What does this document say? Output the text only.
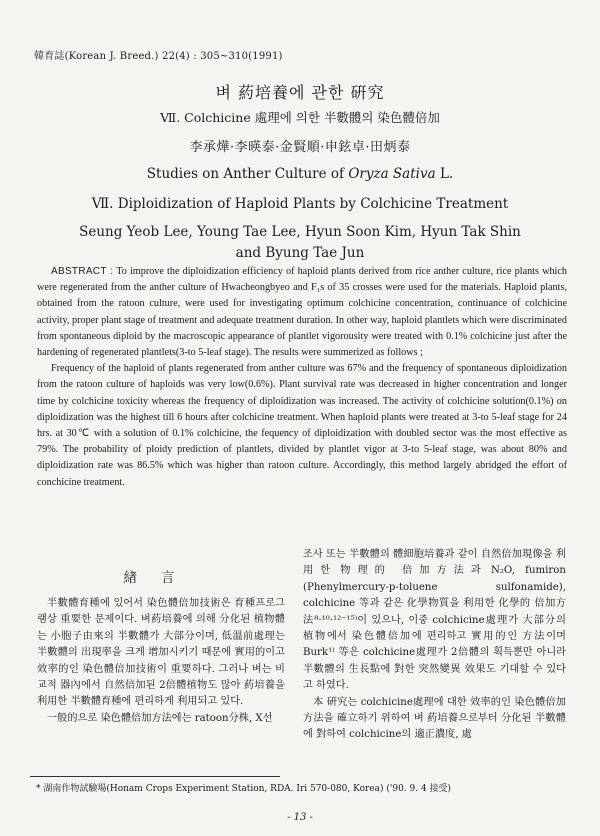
韓育誌(Korean J. Breed.) 22(4) : 305~310(1991)
벼 葯培養에 관한 硏究
Ⅶ. Colchicine 處理에 의한 半數體의 染色體倍加
李承燁·李暎泰·金賢順·申鉉卓·田炳泰
Studies on Anther Culture of Oryza Sativa L.
Ⅶ. Diploidization of Haploid Plants by Colchicine Treatment
Seung Yeob Lee, Young Tae Lee, Hyun Soon Kim, Hyun Tak Shin
and Byung Tae Jun

ABSTRACT : To improve the diploidization efficiency of haploid plants derived from rice anther culture, rice plants which were regenerated from the anther culture of Hwacheongbyeo and F₁s of 35 crosses were used for the materials. Haploid plants, obtained from the ratoon culture, were used for investigating optimum colchicine concentration, continuance of colchicine activity, proper plant stage of treatment and adequate treatment duration. In other way, haploid plantlets which were discriminated from spontaneous diploid by the macroscopic appearance of plantlet vigorousity were treated with 0.1% colchicine just after the hardening of regenerated plantlets(3-to 5-leaf stage). The results were summerized as follows ;

Frequency of the haploid of plants regenerated from anther culture was 67% and the frequency of spontaneous diploidization from the ratoon culture of haploids was very low(0.6%). Plant survival rate was decreased in higher concentration and longer time by colchicine toxicity whereas the frequency of diploidization was increased. The activity of colchicine solution(0.1%) on diploidization was the highest till 6 hours after colchicine treatment. When haploid plants were treated at 3-to 5-leaf stage for 24 hrs. at 30℃ with a solution of 0.1% colchicine, the fequency of diploidization with doubled sector was the most effective as 79%. The probability of ploidy prediction of plantlets, divided by plantlet vigor at 3-to 5-leaf stage, was about 80% and diploidization rate was 86.5% which was higher than ratoon culture. Accordingly, this method largely abridged the effort of conchicine treatment.

緖言

半數體育種에 있어서 染色體倍加技術은 育種프로그램상 重要한 문제이다. 벼葯培養에 의해 分化된 植物體는 小胞子由來의 半數體가 大部分이며, 低溫前處理는 半數體의 出現率을 크게 增加시키기 때문에 實用的이고 效率的인 染色體倍加技術이 重要하다. 그러나 벼는 비교적 器內에서 自然倍加된 2倍體植物도 많아 葯培養을 利用한 半數體育種에 편리하게 利用되고 있다.

一般的으로 染色體倍加方法에는 ratoon分株, X선

조사 또는 半數體의 體細胞培養과 같이 自然倍加現像을 利用한 物理的 倍加方法과 N₂O, fumiron (Phenylmercury-p-toluene sulfonamide), colchicine 等과 같은 化學物質을 利用한 化學的 倍加方法⁸·¹⁰·¹²⁻¹⁵⁾이 있으나, 이중 colchicine處理가 大部分의 植物에서 染色體倍加에 편리하고 實用的인 方法이며 Burk¹⁾ 等은 colchicine處理가 2倍體의 획득뿐만 아니라 半數體의 生長點에 對한 突然變異 效果도 기대할 수 있다고 하였다.

本 硏究는 colchicine處理에 대한 效率的인 染色體倍加方法을 確立하기 위하여 벼 葯培養으로부터 分化된 半數體에 對하여 colchicine의 適正濃度, 處

* 湖南作物試驗場(Honam Crops Experiment Station, RDA. Iri 570-080, Korea) ('90. 9. 4 接受)
- 13 -
